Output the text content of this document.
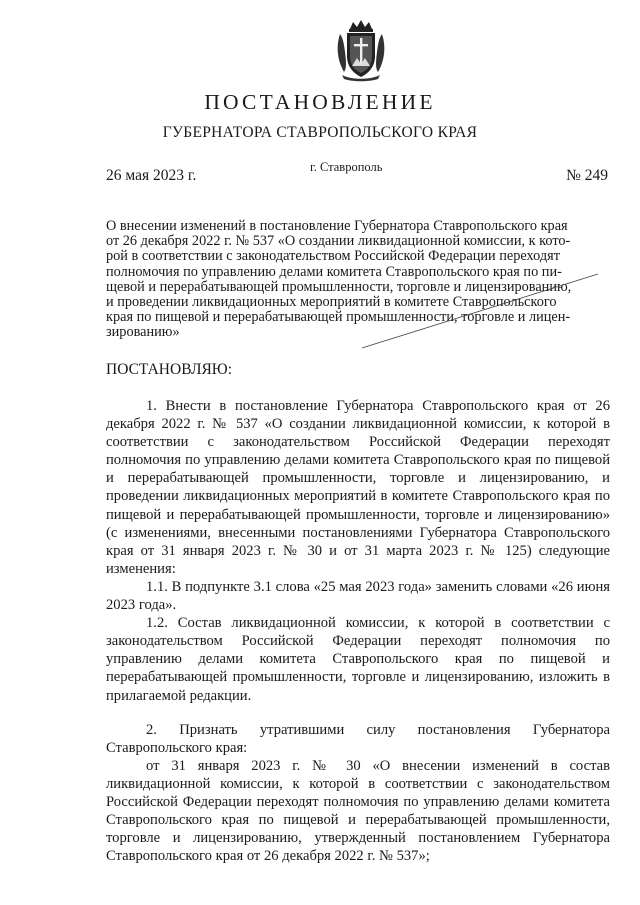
ПОСТАНОВЛЕНИЕ
ГУБЕРНАТОРА СТАВРОПОЛЬСКОГО КРАЯ
26 мая 2023 г.	г. Ставрополь	№ 249

О внесении изменений в постановление Губернатора Ставропольского края

от 26 декабря 2022 г. № 537 «О создании ликвидационной комиссии, к кото-

рой в соответствии с законодательством Российской Федерации переходят

полномочия по управлению делами комитета Ставропольского края по пи-

щевой и перерабатывающей промышленности, торговле и лицензированию,

и проведении ликвидационных мероприятий в комитете Ставропольского

края по пищевой и перерабатывающей промышленности, торговле и лицен-

зированию»

ПОСТАНОВЛЯЮ:

1. Внести в постановление Губернатора Ставропольского края от 26 декабря 2022 г. № 537 «О создании ликвидационной комиссии, к которой в соответствии с законодательством Российской Федерации переходят полномочия по управлению делами комитета Ставропольского края по пищевой и перерабатывающей промышленности, торговле и лицензированию, и проведении ликвидационных мероприятий в комитете Ставропольского края по пищевой и перерабатывающей промышленности, торговле и лицензированию» (с изменениями, внесенными постановлениями Губернатора Ставропольского края от 31 января 2023 г. № 30 и от 31 марта 2023 г. № 125) следующие изменения:

1.1. В подпункте 3.1 слова «25 мая 2023 года» заменить словами «26 июня 2023 года».

1.2. Состав ликвидационной комиссии, к которой в соответствии с законодательством Российской Федерации переходят полномочия по управлению делами комитета Ставропольского края по пищевой и перерабатывающей промышленности, торговле и лицензированию, изложить в прилагаемой редакции.

2. Признать утратившими силу постановления Губернатора Ставропольского края:

от 31 января 2023 г. № 30 «О внесении изменений в состав ликвидационной комиссии, к которой в соответствии с законодательством Российской Федерации переходят полномочия по управлению делами комитета Ставропольского края по пищевой и перерабатывающей промышленности, торговле и лицензированию, утвержденный постановлением Губернатора Ставропольского края от 26 декабря 2022 г. № 537»;
